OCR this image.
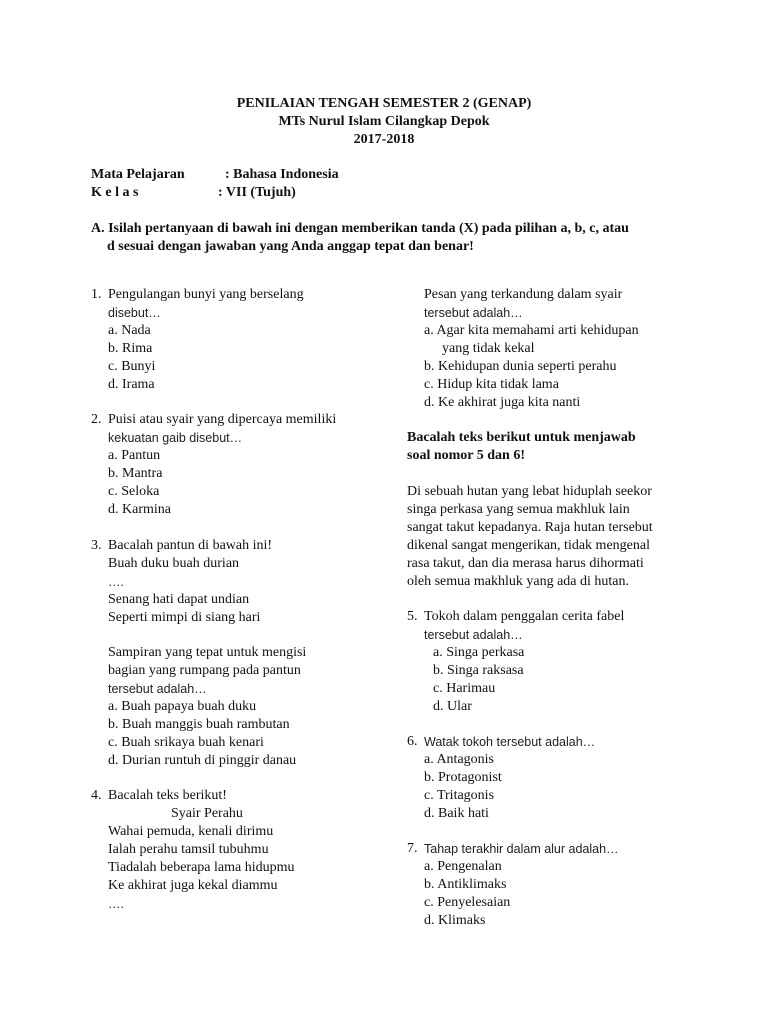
PENILAIAN TENGAH SEMESTER 2 (GENAP)
MTs Nurul Islam Cilangkap Depok
2017-2018
Mata Pelajaran	: Bahasa Indonesia
K e l a s	: VII (Tujuh)
A. Isilah pertanyaan di bawah ini dengan memberikan tanda (X) pada pilihan a, b, c, atau
d sesuai dengan jawaban yang Anda anggap tepat dan benar!
1. Pengulangan bunyi yang berselang
disebut…
a. Nada
b. Rima
c. Bunyi
d. Irama
2. Puisi atau syair yang dipercaya memiliki
kekuatan gaib disebut…
a. Pantun
b. Mantra
c. Seloka
d. Karmina
3. Bacalah pantun di bawah ini!
Buah duku buah durian
….
Senang hati dapat undian
Seperti mimpi di siang hari
Sampiran yang tepat untuk mengisi
bagian yang rumpang pada pantun
tersebut adalah…
a. Buah papaya buah duku
b. Buah manggis buah rambutan
c. Buah srikaya buah kenari
d. Durian runtuh di pinggir danau
4. Bacalah teks berikut!
Syair Perahu
Wahai pemuda, kenali dirimu
Ialah perahu tamsil tubuhmu
Tiadalah beberapa lama hidupmu
Ke akhirat juga kekal diammu
….
Pesan yang terkandung dalam syair
tersebut adalah…
a. Agar kita memahami arti kehidupan
yang tidak kekal
b. Kehidupan dunia seperti perahu
c. Hidup kita tidak lama
d. Ke akhirat juga kita nanti
Bacalah teks berikut untuk menjawab
soal nomor 5 dan 6!
Di sebuah hutan yang lebat hiduplah seekor
singa perkasa yang semua makhluk lain
sangat takut kepadanya. Raja hutan tersebut
dikenal sangat mengerikan, tidak mengenal
rasa takut, dan dia merasa harus dihormati
oleh semua makhluk yang ada di hutan.
5. Tokoh dalam penggalan cerita fabel
tersebut adalah…
a. Singa perkasa
b. Singa raksasa
c. Harimau
d. Ular
6. Watak tokoh tersebut adalah…
a. Antagonis
b. Protagonist
c. Tritagonis
d. Baik hati
7. Tahap terakhir dalam alur adalah…
a. Pengenalan
b. Antiklimaks
c. Penyelesaian
d. Klimaks
